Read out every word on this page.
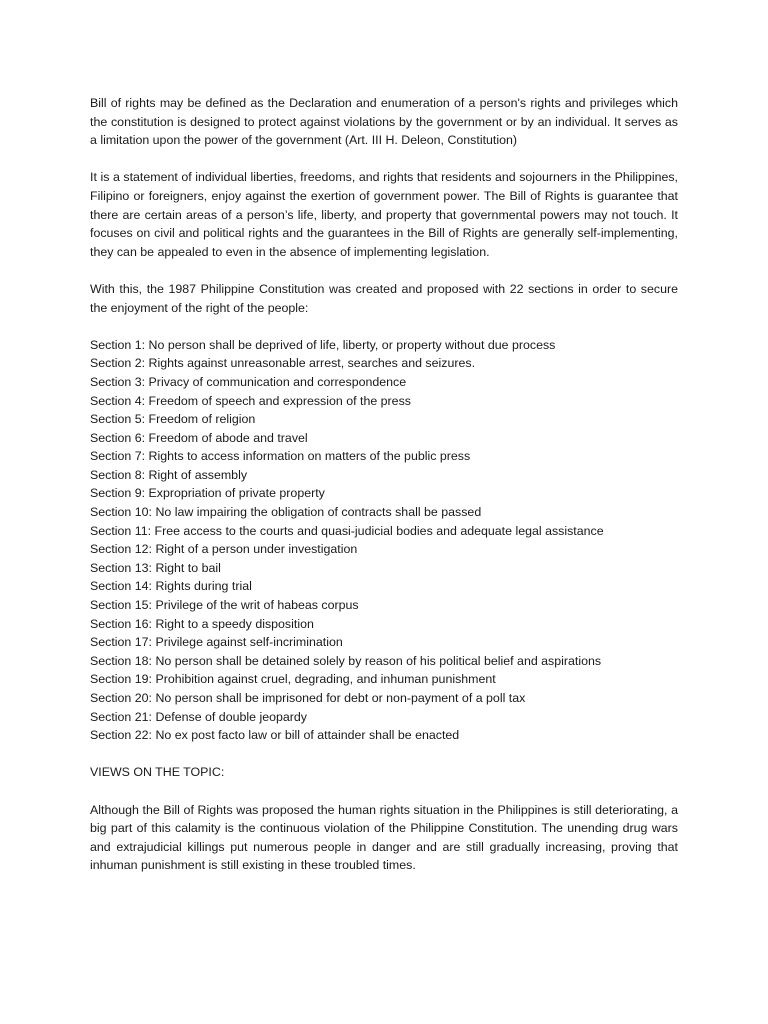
Bill of rights may be defined as the Declaration and enumeration of a person's rights and privileges which the constitution is designed to protect against violations by the government or by an individual. It serves as a limitation upon the power of the government (Art. III H. Deleon, Constitution)

It is a statement of individual liberties, freedoms, and rights that residents and sojourners in the Philippines, Filipino or foreigners, enjoy against the exertion of government power. The Bill of Rights is guarantee that there are certain areas of a person’s life, liberty, and property that governmental powers may not touch. It focuses on civil and political rights and the guarantees in the Bill of Rights are generally self-implementing, they can be appealed to even in the absence of implementing legislation.

With this, the 1987 Philippine Constitution was created and proposed with 22 sections in order to secure the enjoyment of the right of the people:

Section 1: No person shall be deprived of life, liberty, or property without due process
Section 2: Rights against unreasonable arrest, searches and seizures.
Section 3: Privacy of communication and correspondence
Section 4: Freedom of speech and expression of the press
Section 5: Freedom of religion
Section 6: Freedom of abode and travel
Section 7: Rights to access information on matters of the public press
Section 8: Right of assembly
Section 9: Expropriation of private property
Section 10: No law impairing the obligation of contracts shall be passed
Section 11: Free access to the courts and quasi-judicial bodies and adequate legal assistance
Section 12: Right of a person under investigation
Section 13: Right to bail
Section 14: Rights during trial
Section 15: Privilege of the writ of habeas corpus
Section 16: Right to a speedy disposition
Section 17: Privilege against self-incrimination
Section 18: No person shall be detained solely by reason of his political belief and aspirations
Section 19: Prohibition against cruel, degrading, and inhuman punishment
Section 20: No person shall be imprisoned for debt or non-payment of a poll tax
Section 21: Defense of double jeopardy
Section 22: No ex post facto law or bill of attainder shall be enacted

VIEWS ON THE TOPIC:

Although the Bill of Rights was proposed the human rights situation in the Philippines is still deteriorating, a big part of this calamity is the continuous violation of the Philippine Constitution. The unending drug wars and extrajudicial killings put numerous people in danger and are still gradually increasing, proving that inhuman punishment is still existing in these troubled times.
